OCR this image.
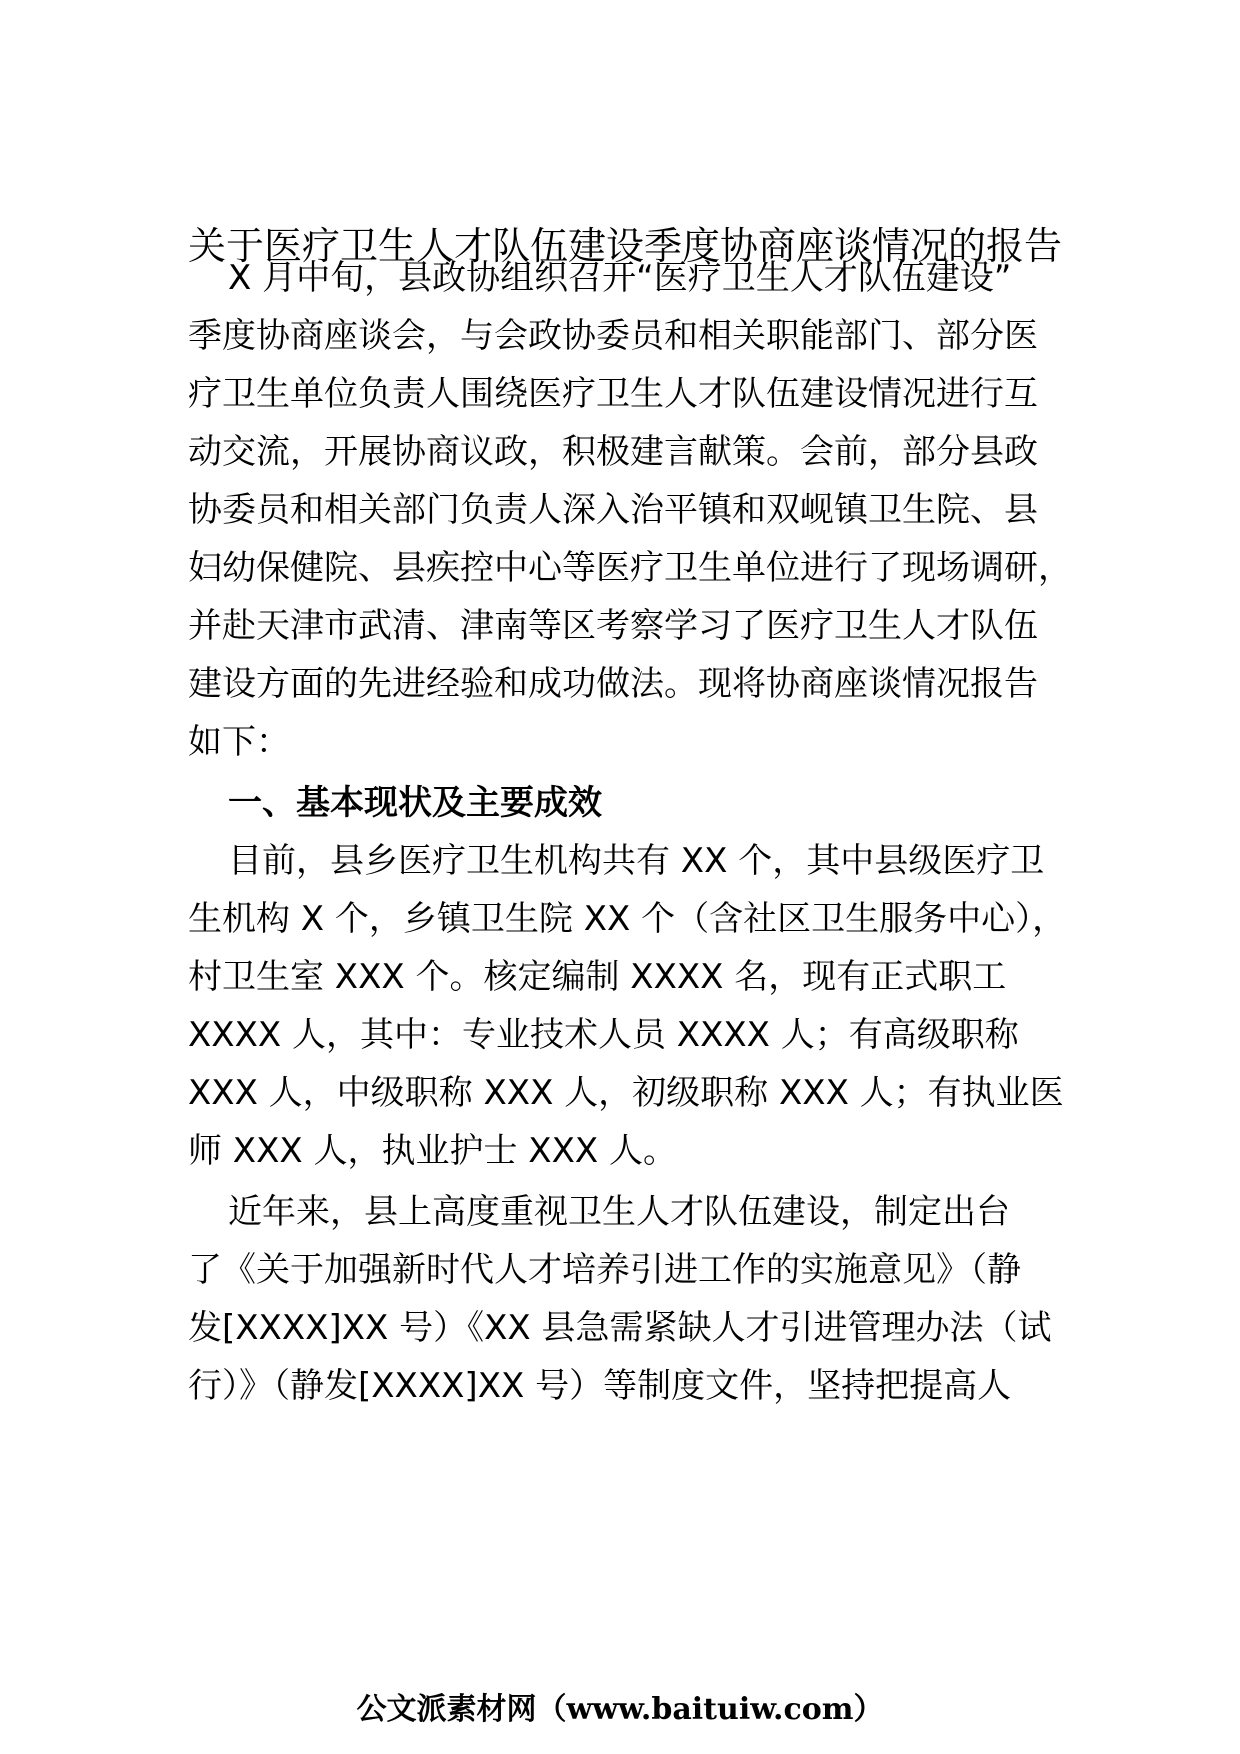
关于医疗卫生人才队伍建设季度协商座谈情况的报告
X 月中旬，县政协组织召开“医疗卫生人才队伍建设”
季度协商座谈会，与会政协委员和相关职能部门、部分医
疗卫生单位负责人围绕医疗卫生人才队伍建设情况进行互
动交流，开展协商议政，积极建言献策。会前，部分县政
协委员和相关部门负责人深入治平镇和双岘镇卫生院、县
妇幼保健院、县疾控中心等医疗卫生单位进行了现场调研，
并赴天津市武清、津南等区考察学习了医疗卫生人才队伍
建设方面的先进经验和成功做法。现将协商座谈情况报告
如下：
一、基本现状及主要成效
目前，县乡医疗卫生机构共有 XX 个，其中县级医疗卫
生机构 X 个，乡镇卫生院 XX 个（含社区卫生服务中心），
村卫生室 XXX 个。核定编制 XXXX 名，现有正式职工
XXXX 人，其中：专业技术人员 XXXX 人；有高级职称
XXX 人，中级职称 XXX 人，初级职称 XXX 人；有执业医
师 XXX 人，执业护士 XXX 人。
近年来，县上高度重视卫生人才队伍建设，制定出台
了《关于加强新时代人才培养引进工作的实施意见》（静
发[XXXX]XX 号）《XX 县急需紧缺人才引进管理办法（试
行）》（静发[XXXX]XX 号）等制度文件，坚持把提高人
公文派素材网（www.baituiw.com）
